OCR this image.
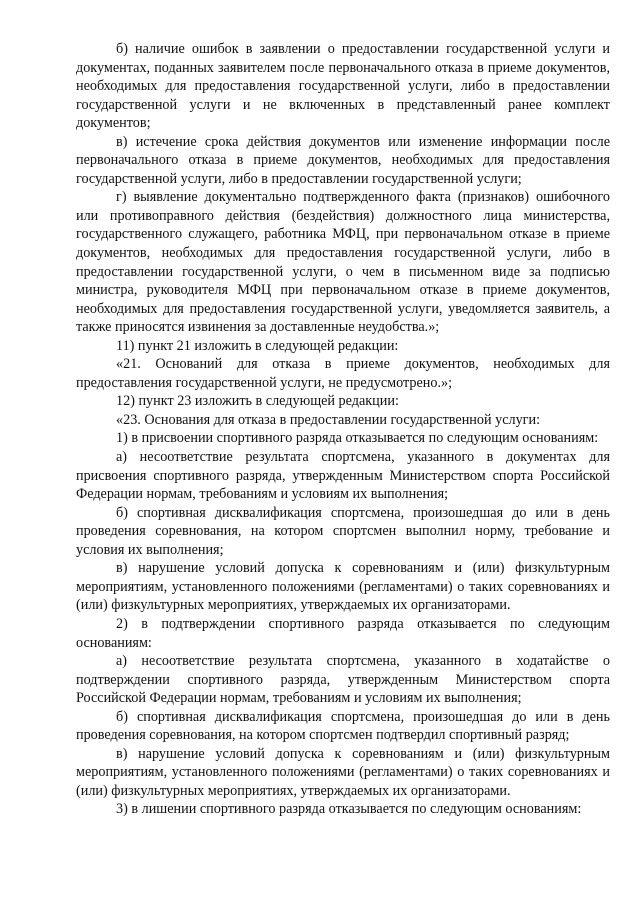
б) наличие ошибок в заявлении о предоставлении государственной услуги и документах, поданных заявителем после первоначального отказа в приеме документов, необходимых для предоставления государственной услуги, либо в предоставлении государственной услуги и не включенных в представленный ранее комплект документов;

в) истечение срока действия документов или изменение информации после первоначального отказа в приеме документов, необходимых для предоставления государственной услуги, либо в предоставлении государственной услуги;

г) выявление документально подтвержденного факта (признаков) ошибочного или противоправного действия (бездействия) должностного лица министерства, государственного служащего, работника МФЦ, при первоначальном отказе в приеме документов, необходимых для предоставления государственной услуги, либо в предоставлении государственной услуги, о чем в письменном виде за подписью министра, руководителя МФЦ при первоначальном отказе в приеме документов, необходимых для предоставления государственной услуги, уведомляется заявитель, а также приносятся извинения за доставленные неудобства.»;

11) пункт 21 изложить в следующей редакции:

«21. Оснований для отказа в приеме документов, необходимых для предоставления государственной услуги, не предусмотрено.»;

12) пункт 23 изложить в следующей редакции:

«23. Основания для отказа в предоставлении государственной услуги:

1) в присвоении спортивного разряда отказывается по следующим основаниям:

а) несоответствие результата спортсмена, указанного в документах для присвоения спортивного разряда, утвержденным Министерством спорта Российской Федерации нормам, требованиям и условиям их выполнения;

б) спортивная дисквалификация спортсмена, произошедшая до или в день проведения соревнования, на котором спортсмен выполнил норму, требование и условия их выполнения;

в) нарушение условий допуска к соревнованиям и (или) физкультурным мероприятиям, установленного положениями (регламентами) о таких соревнованиях и (или) физкультурных мероприятиях, утверждаемых их организаторами.

2) в подтверждении спортивного разряда отказывается по следующим основаниям:

а) несоответствие результата спортсмена, указанного в ходатайстве о подтверждении спортивного разряда, утвержденным Министерством спорта Российской Федерации нормам, требованиям и условиям их выполнения;

б) спортивная дисквалификация спортсмена, произошедшая до или в день проведения соревнования, на котором спортсмен подтвердил спортивный разряд;

в) нарушение условий допуска к соревнованиям и (или) физкультурным мероприятиям, установленного положениями (регламентами) о таких соревнованиях и (или) физкультурных мероприятиях, утверждаемых их организаторами.

3) в лишении спортивного разряда отказывается по следующим основаниям:
